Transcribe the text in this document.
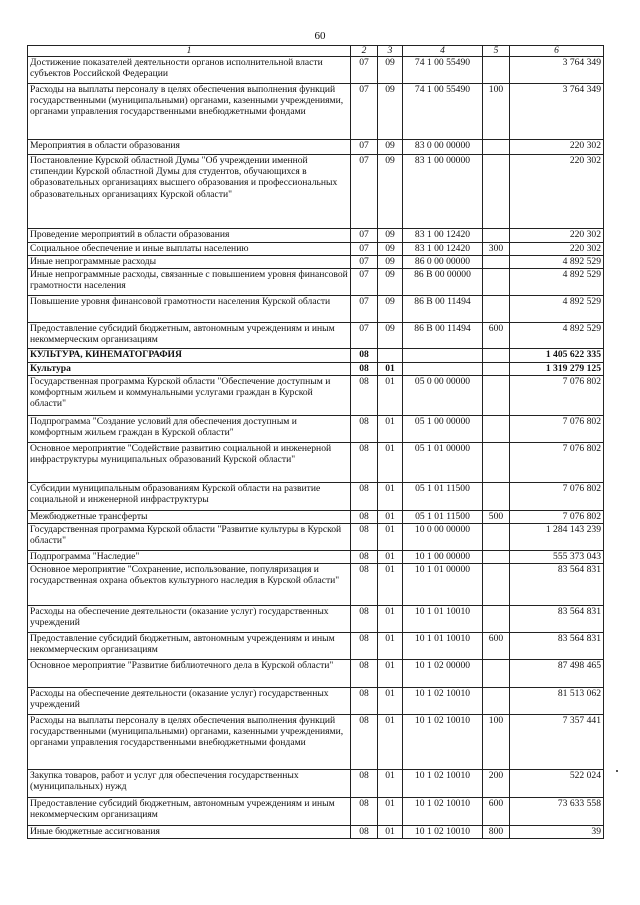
60
1	2	3	4	5	6
Достижение показателей деятельности органов исполнительной власти субъектов Российской Федерации	07	09	74 1 00 55490		3 764 349
Расходы на выплаты персоналу в целях обеспечения выполнения функций государственными (муниципальными) органами, казенными учреждениями, органами управления государственными внебюджетными фондами	07	09	74 1 00 55490	100	3 764 349
Мероприятия в области образования	07	09	83 0 00 00000		220 302
Постановление Курской областной Думы "Об учреждении именной стипендии Курской областной Думы для студентов, обучающихся в образовательных организациях высшего образования и профессиональных образовательных организациях Курской области"	07	09	83 1 00 00000		220 302
Проведение мероприятий в области образования	07	09	83 1 00 12420		220 302
Социальное обеспечение и иные выплаты населению	07	09	83 1 00 12420	300	220 302
Иные непрограммные расходы	07	09	86 0 00 00000		4 892 529
Иные непрограммные расходы, связанные с повышением уровня финансовой грамотности населения	07	09	86 В 00 00000		4 892 529
Повышение уровня финансовой грамотности населения Курской области	07	09	86 В 00 11494		4 892 529
Предоставление субсидий бюджетным, автономным учреждениям и иным некоммерческим организациям	07	09	86 В 00 11494	600	4 892 529
КУЛЬТУРА, КИНЕМАТОГРАФИЯ	08				1 405 622 335
Культура	08	01			1 319 279 125
Государственная программа Курской области "Обеспечение доступным и комфортным жильем и коммунальными услугами граждан в Курской области"	08	01	05 0 00 00000		7 076 802
Подпрограмма "Создание условий для обеспечения доступным и комфортным жильем граждан в Курской области"	08	01	05 1 00 00000		7 076 802
Основное мероприятие "Содействие развитию социальной и инженерной инфраструктуры муниципальных образований Курской области"	08	01	05 1 01 00000		7 076 802
Субсидии муниципальным образованиям Курской области на развитие социальной и инженерной инфраструктуры	08	01	05 1 01 11500		7 076 802
Межбюджетные трансферты	08	01	05 1 01 11500	500	7 076 802
Государственная программа Курской области "Развитие культуры в Курской области"	08	01	10 0 00 00000		1 284 143 239
Подпрограмма "Наследие"	08	01	10 1 00 00000		555 373 043
Основное мероприятие "Сохранение, использование, популяризация и государственная охрана объектов культурного наследия в Курской области"	08	01	10 1 01 00000		83 564 831
Расходы на обеспечение деятельности (оказание услуг) государственных учреждений	08	01	10 1 01 10010		83 564 831
Предоставление субсидий бюджетным, автономным учреждениям и иным некоммерческим организациям	08	01	10 1 01 10010	600	83 564 831
Основное мероприятие "Развитие библиотечного дела в Курской области"	08	01	10 1 02 00000		87 498 465
Расходы на обеспечение деятельности (оказание услуг) государственных учреждений	08	01	10 1 02 10010		81 513 062
Расходы на выплаты персоналу в целях обеспечения выполнения функций государственными (муниципальными) органами, казенными учреждениями, органами управления государственными внебюджетными фондами	08	01	10 1 02 10010	100	7 357 441
Закупка товаров, работ и услуг для обеспечения государственных (муниципальных) нужд	08	01	10 1 02 10010	200	522 024
Предоставление субсидий бюджетным, автономным учреждениям и иным некоммерческим организациям	08	01	10 1 02 10010	600	73 633 558
Иные бюджетные ассигнования	08	01	10 1 02 10010	800	39
